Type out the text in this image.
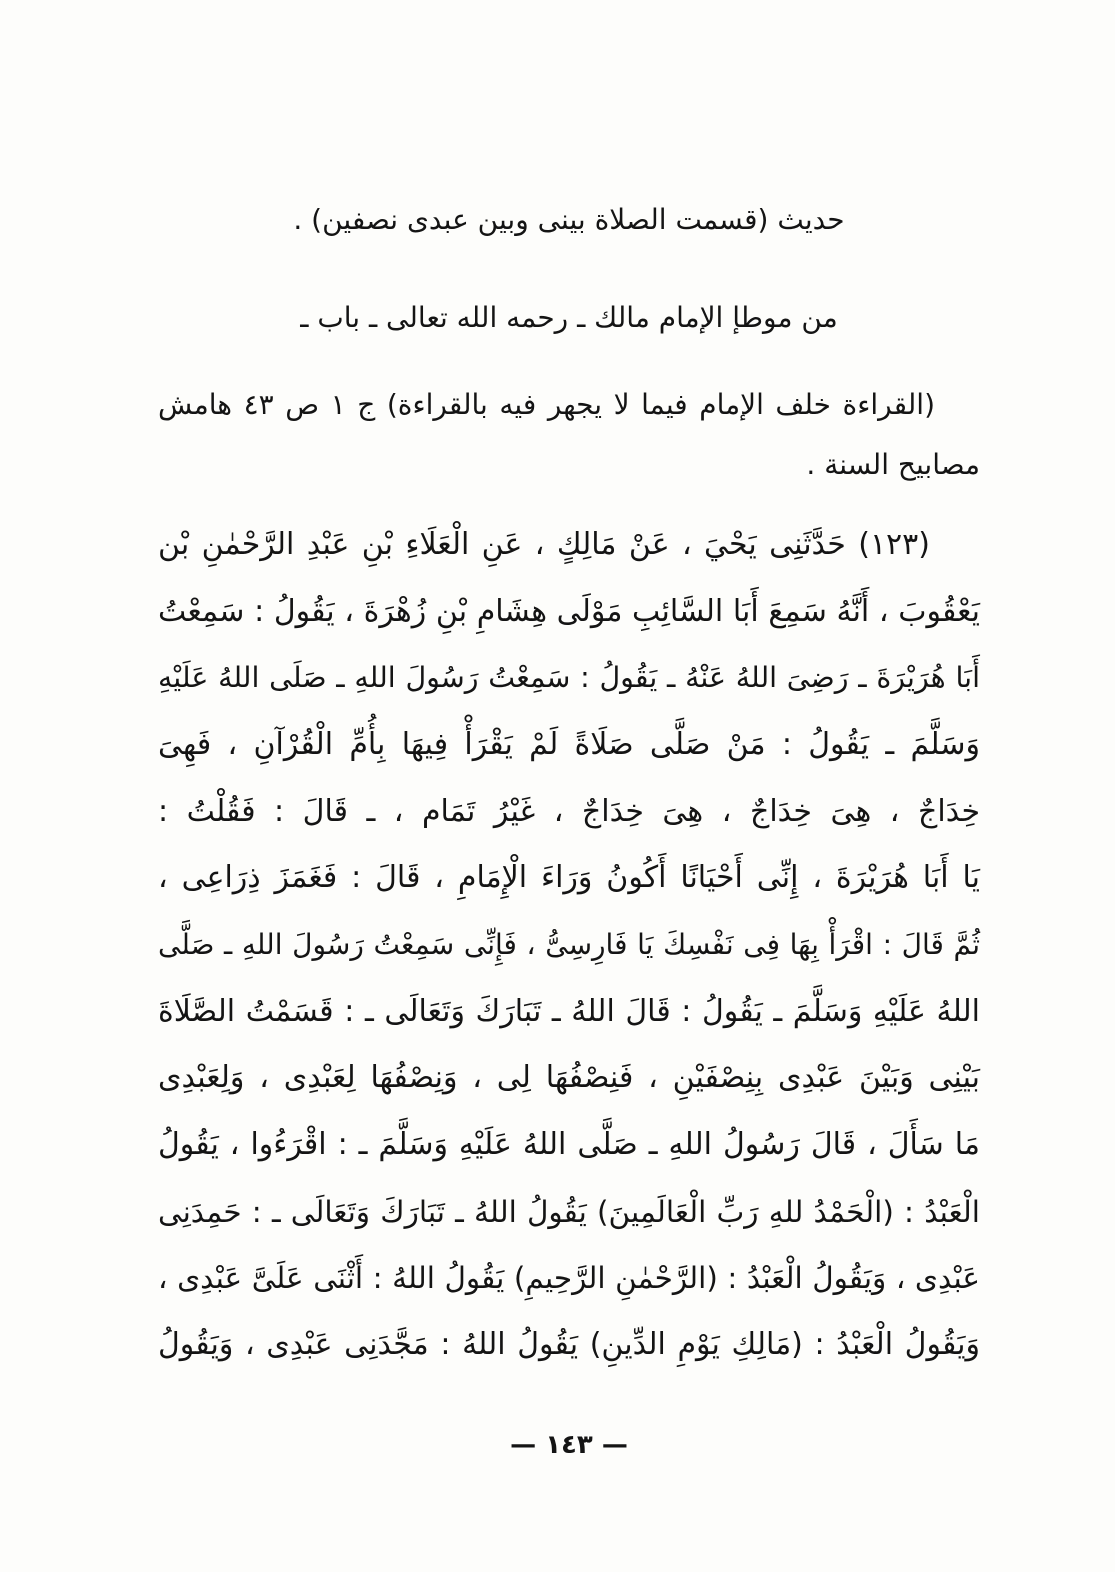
حديث (قسمت الصلاة بينى وبين عبدى نصفين) .
من موطإ الإمام مالك ـ رحمه الله تعالى ـ باب ـ
(القراءة خلف الإمام فيما لا يجهر فيه بالقراءة) ج ١ ص ٤٣ هامش
مصابيح السنة .
(١٢٣) حَدَّثَنِى يَحْيَ ، عَنْ مَالِكٍ ، عَنِ الْعَلَاءِ بْنِ عَبْدِ الرَّحْمٰنِ بْن
يَعْقُوبَ ، أَنَّهُ سَمِعَ أَبَا السَّائِبِ مَوْلَى هِشَامِ بْنِ زُهْرَةَ ، يَقُولُ : سَمِعْتُ
أَبَا هُرَيْرَةَ ـ رَضِىَ اللهُ عَنْهُ ـ يَقُولُ : سَمِعْتُ رَسُولَ اللهِ ـ صَلَى اللهُ عَلَيْهِ
وَسَلَّمَ ـ يَقُولُ : مَنْ صَلَّى صَلَاةً لَمْ يَقْرَأْ فِيهَا بِأُمِّ الْقُرْآنِ ، فَهِىَ
خِدَاجٌ ، هِىَ خِدَاجٌ ، هِىَ خِدَاجٌ ، غَيْرُ تَمَام ، ـ قَالَ : فَقُلْتُ :
يَا أَبَا هُرَيْرَةَ ، إِنِّى أَحْيَانًا أَكُونُ وَرَاءَ الْإِمَامِ ، قَالَ : فَغَمَزَ ذِرَاعِى ،
ثُمَّ قَالَ : اقْرَأْ بِهَا فِى نَفْسِكَ يَا فَارِسِىُّ ، فَإِنِّى سَمِعْتُ رَسُولَ اللهِ ـ صَلَّى
اللهُ عَلَيْهِ وَسَلَّمَ ـ يَقُولُ : قَالَ اللهُ ـ تَبَارَكَ وَتَعَالَى ـ : قَسَمْتُ الصَّلَاةَ
بَيْنِى وَبَيْنَ عَبْدِى بِنِصْفَيْنِ ، فَنِصْفُهَا لِى ، وَنِصْفُهَا لِعَبْدِى ، وَلِعَبْدِى
مَا سَأَلَ ، قَالَ رَسُولُ اللهِ ـ صَلَّى اللهُ عَلَيْهِ وَسَلَّمَ ـ : اقْرَءُوا ، يَقُولُ
الْعَبْدُ : (الْحَمْدُ للهِ رَبِّ الْعَالَمِينَ) يَقُولُ اللهُ ـ تَبَارَكَ وَتَعَالَى ـ : حَمِدَنِى
عَبْدِى ، وَيَقُولُ الْعَبْدُ : (الرَّحْمٰنِ الرَّحِيمِ) يَقُولُ اللهُ : أَثْنَى عَلَىَّ عَبْدِى ،
وَيَقُولُ الْعَبْدُ : (مَالِكِ يَوْمِ الدِّينِ) يَقُولُ اللهُ : مَجَّدَنِى عَبْدِى ، وَيَقُولُ
— ١٤٣ —
